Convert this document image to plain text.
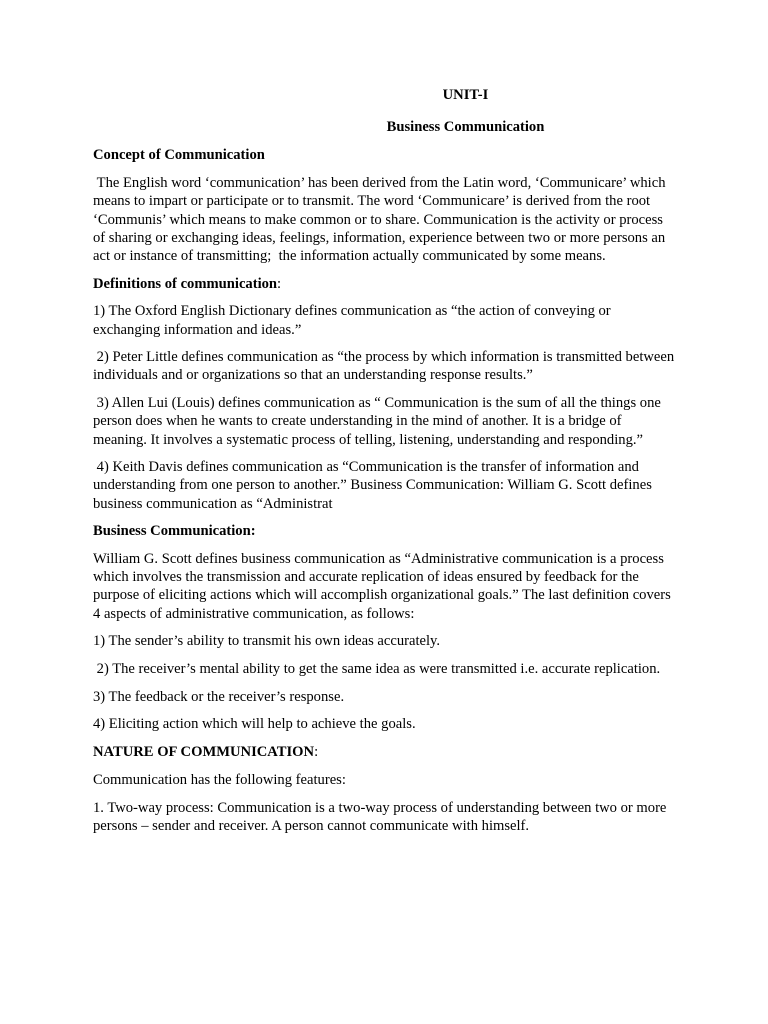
UNIT-I

Business Communication

Concept of Communication

The English word ‘communication’ has been derived from the Latin word, ‘Communicare’ which means to impart or participate or to transmit. The word ‘Communicare’ is derived from the root ‘Communis’ which means to make common or to share. Communication is the activity or process of sharing or exchanging ideas, feelings, information, experience between two or more persons an act or instance of transmitting;  the information actually communicated by some means.

Definitions of communication:

1) The Oxford English Dictionary defines communication as “the action of conveying or exchanging information and ideas.”

2) Peter Little defines communication as “the process by which information is transmitted between individuals and or organizations so that an understanding response results.”

3) Allen Lui (Louis) defines communication as “ Communication is the sum of all the things one person does when he wants to create understanding in the mind of another. It is a bridge of meaning. It involves a systematic process of telling, listening, understanding and responding.”

4) Keith Davis defines communication as “Communication is the transfer of information and understanding from one person to another.” Business Communication: William G. Scott defines business communication as “Administrat

Business Communication:

William G. Scott defines business communication as “Administrative communication is a process which involves the transmission and accurate replication of ideas ensured by feedback for the purpose of eliciting actions which will accomplish organizational goals.” The last definition covers 4 aspects of administrative communication, as follows:

1) The sender’s ability to transmit his own ideas accurately.

2) The receiver’s mental ability to get the same idea as were transmitted i.e. accurate replication.

3) The feedback or the receiver’s response.

4) Eliciting action which will help to achieve the goals.

NATURE OF COMMUNICATION:

Communication has the following features:

1. Two-way process: Communication is a two-way process of understanding between two or more persons – sender and receiver. A person cannot communicate with himself.
